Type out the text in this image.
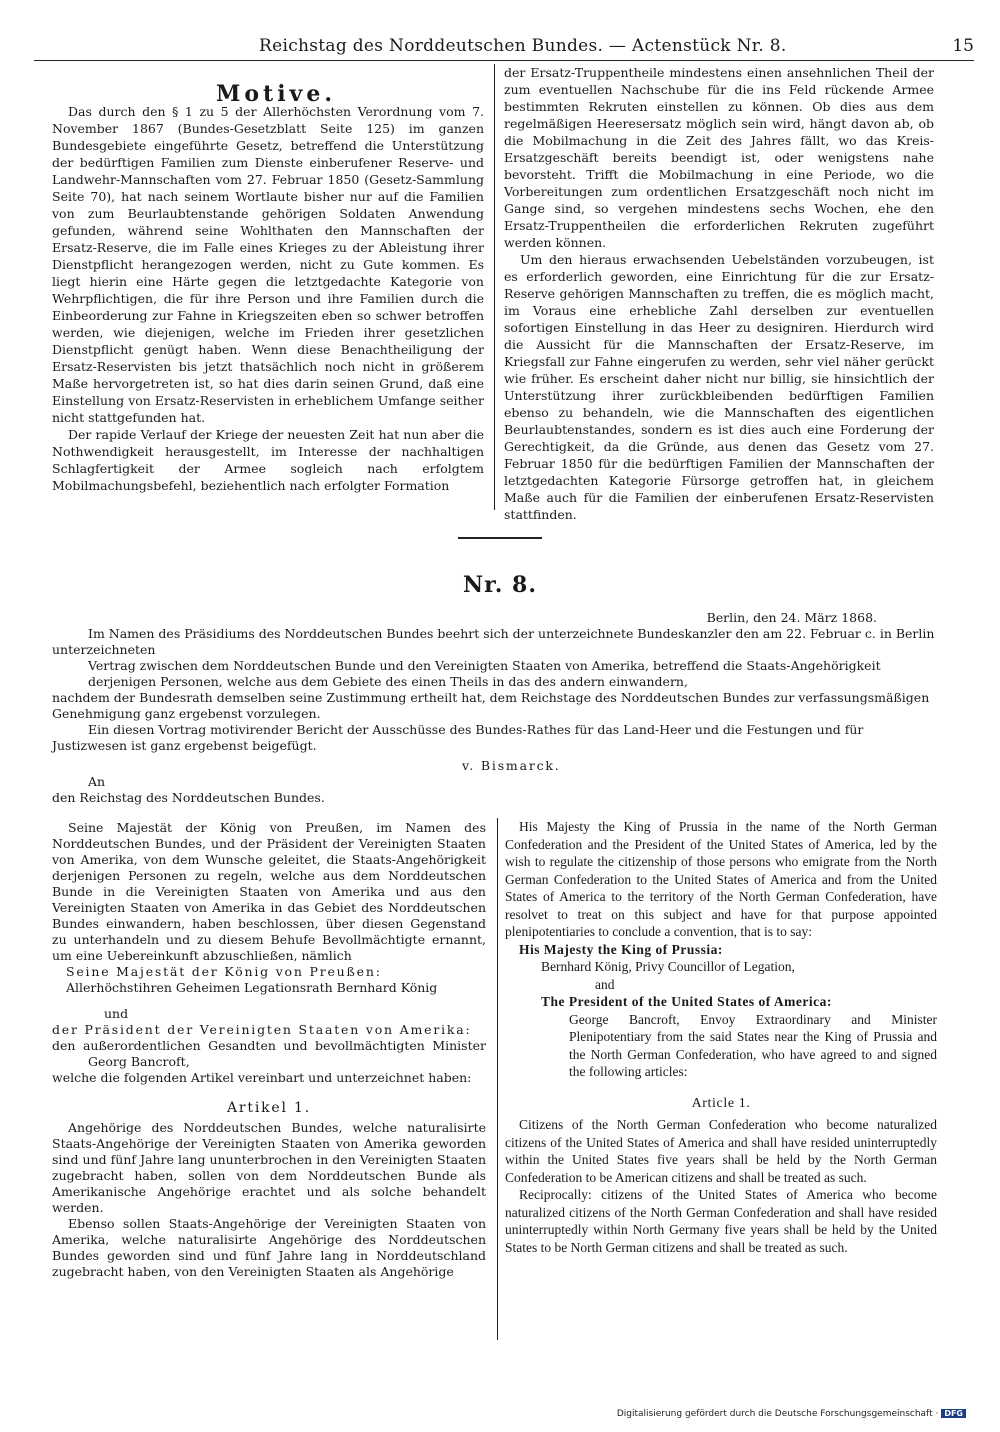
Reichstag des Norddeutschen Bundes. — Actenstück Nr. 8.	15

Motive.

Das durch den § 1 zu 5 der Allerhöchsten Verordnung vom 7. November 1867 (Bundes-Gesetzblatt Seite 125) im ganzen Bundesgebiete eingeführte Gesetz, betreffend die Unterstützung der bedürftigen Familien zum Dienste einberufener Reserve- und Landwehr-Mannschaften vom 27. Februar 1850 (Gesetz-Sammlung Seite 70), hat nach seinem Wortlaute bisher nur auf die Familien von zum Beurlaubtenstande gehörigen Soldaten Anwendung gefunden, während seine Wohlthaten den Mannschaften der Ersatz-Reserve, die im Falle eines Krieges zu der Ableistung ihrer Dienstpflicht herangezogen werden, nicht zu Gute kommen. Es liegt hierin eine Härte gegen die letztgedachte Kategorie von Wehrpflichtigen, die für ihre Person und ihre Familien durch die Einbeorderung zur Fahne in Kriegszeiten eben so schwer betroffen werden, wie diejenigen, welche im Frieden ihrer gesetzlichen Dienstpflicht genügt haben. Wenn diese Benachtheiligung der Ersatz-Reservisten bis jetzt thatsächlich noch nicht in größerem Maße hervorgetreten ist, so hat dies darin seinen Grund, daß eine Einstellung von Ersatz-Reservisten in erheblichem Umfange seither nicht stattgefunden hat.

Der rapide Verlauf der Kriege der neuesten Zeit hat nun aber die Nothwendigkeit herausgestellt, im Interesse der nachhaltigen Schlagfertigkeit der Armee sogleich nach erfolgtem Mobilmachungsbefehl, beziehentlich nach erfolgter Formation

der Ersatz-Truppentheile mindestens einen ansehnlichen Theil der zum eventuellen Nachschube für die ins Feld rückende Armee bestimmten Rekruten einstellen zu können. Ob dies aus dem regelmäßigen Heeresersatz möglich sein wird, hängt davon ab, ob die Mobilmachung in die Zeit des Jahres fällt, wo das Kreis-Ersatzgeschäft bereits beendigt ist, oder wenigstens nahe bevorsteht. Trifft die Mobilmachung in eine Periode, wo die Vorbereitungen zum ordentlichen Ersatzgeschäft noch nicht im Gange sind, so vergehen mindestens sechs Wochen, ehe den Ersatz-Truppentheilen die erforderlichen Rekruten zugeführt werden können.

Um den hieraus erwachsenden Uebelständen vorzubeugen, ist es erforderlich geworden, eine Einrichtung für die zur Ersatz-Reserve gehörigen Mannschaften zu treffen, die es möglich macht, im Voraus eine erhebliche Zahl derselben zur eventuellen sofortigen Einstellung in das Heer zu designiren. Hierdurch wird die Aussicht für die Mannschaften der Ersatz-Reserve, im Kriegsfall zur Fahne eingerufen zu werden, sehr viel näher gerückt wie früher. Es erscheint daher nicht nur billig, sie hinsichtlich der Unterstützung ihrer zurückbleibenden bedürftigen Familien ebenso zu behandeln, wie die Mannschaften des eigentlichen Beurlaubtenstandes, sondern es ist dies auch eine Forderung der Gerechtigkeit, da die Gründe, aus denen das Gesetz vom 27. Februar 1850 für die bedürftigen Familien der Mannschaften der letztgedachten Kategorie Fürsorge getroffen hat, in gleichem Maße auch für die Familien der einberufenen Ersatz-Reservisten stattfinden.

Nr. 8.

Berlin, den 24. März 1868.

Im Namen des Präsidiums des Norddeutschen Bundes beehrt sich der unterzeichnete Bundeskanzler den am 22. Februar c. in Berlin unterzeichneten

Vertrag zwischen dem Norddeutschen Bunde und den Vereinigten Staaten von Amerika, betreffend die Staats-Angehörigkeit derjenigen Personen, welche aus dem Gebiete des einen Theils in das des andern einwandern,

nachdem der Bundesrath demselben seine Zustimmung ertheilt hat, dem Reichstage des Norddeutschen Bundes zur verfassungsmäßigen Genehmigung ganz ergebenst vorzulegen.

Ein diesen Vortrag motivirender Bericht der Ausschüsse des Bundes-Rathes für das Land-Heer und die Festungen und für Justizwesen ist ganz ergebenst beigefügt.

v. Bismarck.

An

den Reichstag des Norddeutschen Bundes.

Seine Majestät der König von Preußen, im Namen des Norddeutschen Bundes, und der Präsident der Vereinigten Staaten von Amerika, von dem Wunsche geleitet, die Staats-Angehörigkeit derjenigen Personen zu regeln, welche aus dem Norddeutschen Bunde in die Vereinigten Staaten von Amerika und aus den Vereinigten Staaten von Amerika in das Gebiet des Norddeutschen Bundes einwandern, haben beschlossen, über diesen Gegenstand zu unterhandeln und zu diesem Behufe Bevollmächtigte ernannt, um eine Uebereinkunft abzuschließen, nämlich

Seine Majestät der König von Preußen:

Allerhöchstihren Geheimen Legationsrath Bernhard König

und

der Präsident der Vereinigten Staaten von Amerika:

den außerordentlichen Gesandten und bevollmächtigten Minister Georg Bancroft,

welche die folgenden Artikel vereinbart und unterzeichnet haben:

Artikel 1.

Angehörige des Norddeutschen Bundes, welche naturalisirte Staats-Angehörige der Vereinigten Staaten von Amerika geworden sind und fünf Jahre lang ununterbrochen in den Vereinigten Staaten zugebracht haben, sollen von dem Norddeutschen Bunde als Amerikanische Angehörige erachtet und als solche behandelt werden.

Ebenso sollen Staats-Angehörige der Vereinigten Staaten von Amerika, welche naturalisirte Angehörige des Norddeutschen Bundes geworden sind und fünf Jahre lang in Norddeutschland zugebracht haben, von den Vereinigten Staaten als Angehörige

His Majesty the King of Prussia in the name of the North German Confederation and the President of the United States of America, led by the wish to regulate the citizenship of those persons who emigrate from the North German Confederation to the United States of America and from the United States of America to the territory of the North German Confederation, have resolvet to treat on this subject and have for that purpose appointed plenipotentiaries to conclude a convention, that is to say:

His Majesty the King of Prussia:

Bernhard König, Privy Councillor of Legation,

and

The President of the United States of America:

George Bancroft, Envoy Extraordinary and Minister Plenipotentiary from the said States near the King of Prussia and the North German Confederation, who have agreed to and signed the following articles:

Article 1.

Citizens of the North German Confederation who become naturalized citizens of the United States of America and shall have resided uninterruptedly within the United States five years shall be held by the North German Confederation to be American citizens and shall be treated as such.

Reciprocally: citizens of the United States of America who become naturalized citizens of the North German Confederation and shall have resided uninterruptedly within North Germany five years shall be held by the United States to be North German citizens and shall be treated as such.

Digitalisierung gefördert durch die Deutsche Forschungsgemeinschaft · DFG
